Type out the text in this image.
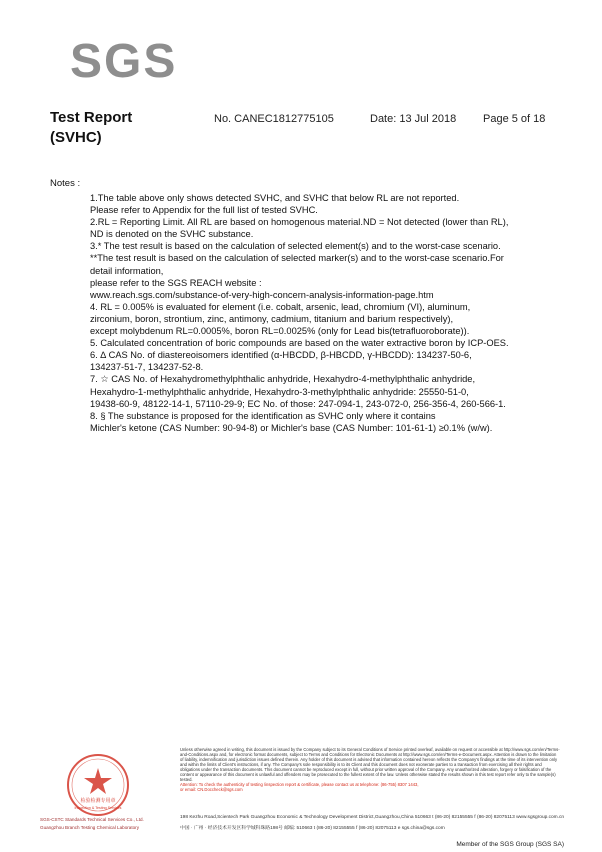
SGS
Test Report
(SVHC)
No. CANEC1812775105	Date: 13 Jul 2018 Page 5 of 18
Notes :
1.The table above only shows detected SVHC, and SVHC that below RL are not reported.
Please refer to Appendix for the full list of tested SVHC.
2.RL = Reporting Limit. All RL are based on homogenous material.ND = Not detected (lower than RL),
ND is denoted on the SVHC substance.
3.* The test result is based on the calculation of selected element(s) and to the worst-case scenario.
**The test result is based on the calculation of selected marker(s) and to the worst-case scenario.For
detail information,
please refer to the SGS REACH website :
www.reach.sgs.com/substance-of-very-high-concern-analysis-information-page.htm
4. RL = 0.005% is evaluated for element (i.e. cobalt, arsenic, lead, chromium (VI), aluminum,
zirconium, boron, strontium, zinc, antimony, cadmium, titanium and barium respectively),
except molybdenum RL=0.0005%, boron RL=0.0025% (only for Lead bis(tetrafluoroborate)).
5. Calculated concentration of boric compounds are based on the water extractive boron by ICP-OES.
6. ∆ CAS No. of diastereoisomers identified (α-HBCDD, β-HBCDD, γ-HBCDD): 134237-50-6,
134237-51-7, 134237-52-8.
7. ☆ CAS No. of Hexahydromethylphthalic anhydride, Hexahydro-4-methylphthalic anhydride,
Hexahydro-1-methylphthalic anhydride, Hexahydro-3-methylphthalic anhydride: 25550-51-0,
19438-60-9, 48122-14-1, 57110-29-9; EC No. of those: 247-094-1, 243-072-0, 256-356-4, 260-566-1.
8. § The substance is proposed for the identification as SVHC only where it contains
Michler's ketone (CAS Number: 90-94-8) or Michler's base (CAS Number: 101-61-1) ≥0.1% (w/w).
检验检测专用章
Inspection & Testing Services
Unless otherwise agreed in writing, this document is issued by the Company subject to its General Conditions of Service printed overleaf, available on request or accessible at http://www.sgs.com/en/Terms-and-Conditions.aspx and, for electronic format documents, subject to Terms and Conditions for Electronic Documents at http://www.sgs.com/en/Terms-e-Document.aspx. Attention is drawn to the limitation of liability, indemnification and jurisdiction issues defined therein. Any holder of this document is advised that information contained hereon reflects the Company's findings at the time of its intervention only and within the limits of Client's instructions, if any. The Company's sole responsibility is to its Client and this document does not exonerate parties to a transaction from exercising all their rights and obligations under the transaction documents. This document cannot be reproduced except in full, without prior written approval of the Company. Any unauthorized alteration, forgery or falsification of the content or appearance of this document is unlawful and offenders may be prosecuted to the fullest extent of the law. Unless otherwise stated the results shown in this test report refer only to the sample(s) tested.
Attention: To check the authenticity of testing /inspection report & certificate, please contact us at telephone: (86-755) 8307 1443,
or email: CN.Doccheck@sgs.com
SGS-CSTC Standards Technical Services Co., Ltd.
Guangzhou Branch Testing Chemical Laboratory
198 Kezhu Road,Scientech Park Guangzhou Economic & Technology Development District,Guangzhou,China 510663 t (86-20) 82155555 f (86-20) 82075113 www.sgsgroup.com.cn
中国 · 广州 · 经济技术开发区科学城科珠路198号 邮编: 510663 t (86-20) 82155555 f (86-20) 82075113 e sgs.china@sgs.com
Member of the SGS Group (SGS SA)
